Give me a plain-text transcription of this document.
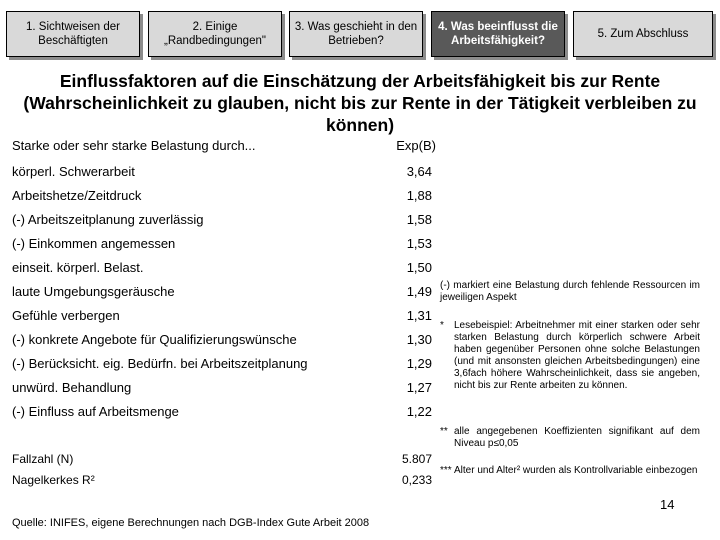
1. Sichtweisen der Beschäftigten
2. Einige „Randbedingungen"
3. Was geschieht in den Betrieben?
4. Was beeinflusst die Arbeitsfähigkeit?
5. Zum Abschluss
Einflussfaktoren auf die Einschätzung der Arbeitsfähigkeit bis zur Rente (Wahrscheinlichkeit zu glauben, nicht bis zur Rente in der Tätigkeit verbleiben zu können)
Starke oder sehr starke Belastung durch...	Exp(B)
körperl. Schwerarbeit	3,64
Arbeitshetze/Zeitdruck	1,88
(-) Arbeitszeitplanung zuverlässig	1,58
(-) Einkommen angemessen	1,53
einseit. körperl. Belast.	1,50
laute Umgebungsgeräusche	1,49
Gefühle verbergen	1,31
(-) konkrete Angebote für Qualifizierungswünsche	1,30
(-) Berücksicht. eig. Bedürfn. bei Arbeitszeitplanung	1,29
unwürd. Behandlung	1,27
(-) Einfluss auf Arbeitsmenge	1,22
Fallzahl (N)	5.807
Nagelkerkes R²	0,233
(-) markiert eine Belastung durch fehlende Ressourcen im jeweiligen Aspekt
*	Lesebeispiel: Arbeitnehmer mit einer starken oder sehr starken Belastung durch körperlich schwere Arbeit haben gegenüber Personen ohne solche Belastungen (und mit ansonsten gleichen Arbeitsbedingungen) eine 3,6fach höhere Wahrscheinlichkeit, dass sie angeben, nicht bis zur Rente arbeiten zu können.
** alle angegebenen Koeffizienten signifikant auf dem Niveau p≤0,05
*** Alter und Alter² wurden als Kontrollvariable einbezogen
14
Quelle: INIFES, eigene Berechnungen nach DGB-Index Gute Arbeit 2008
